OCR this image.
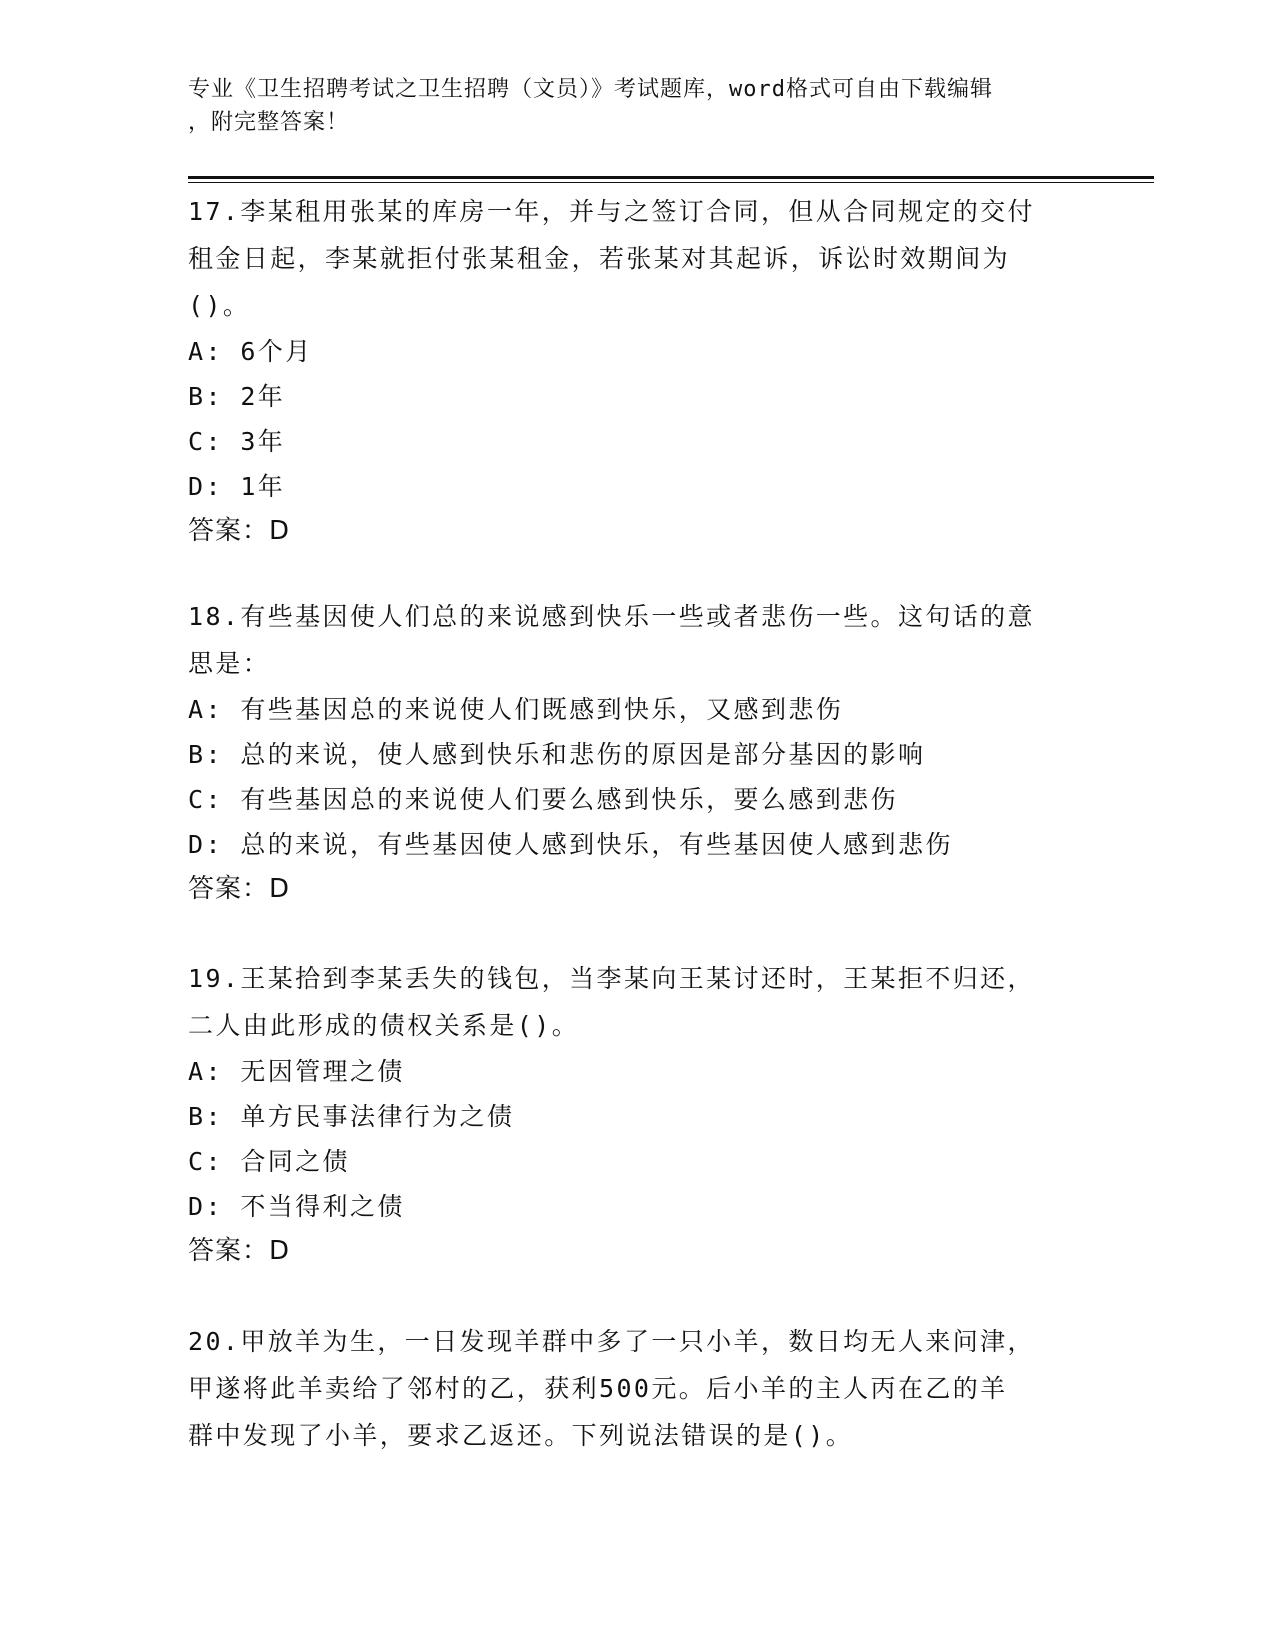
专业《卫生招聘考试之卫生招聘（文员）》考试题库，word格式可自由下载编辑
，附完整答案！

17.李某租用张某的库房一年，并与之签订合同，但从合同规定的交付

租金日起，李某就拒付张某租金，若张某对其起诉，诉讼时效期间为

()。

A: 6个月

B: 2年

C: 3年

D: 1年

答案：D

18.有些基因使人们总的来说感到快乐一些或者悲伤一些。这句话的意

思是：

A: 有些基因总的来说使人们既感到快乐，又感到悲伤

B: 总的来说，使人感到快乐和悲伤的原因是部分基因的影响

C: 有些基因总的来说使人们要么感到快乐，要么感到悲伤

D: 总的来说，有些基因使人感到快乐，有些基因使人感到悲伤

答案：D

19.王某拾到李某丢失的钱包，当李某向王某讨还时，王某拒不归还，

二人由此形成的债权关系是()。

A: 无因管理之债

B: 单方民事法律行为之债

C: 合同之债

D: 不当得利之债

答案：D

20.甲放羊为生，一日发现羊群中多了一只小羊，数日均无人来问津，

甲遂将此羊卖给了邻村的乙，获利500元。后小羊的主人丙在乙的羊

群中发现了小羊，要求乙返还。下列说法错误的是()。
